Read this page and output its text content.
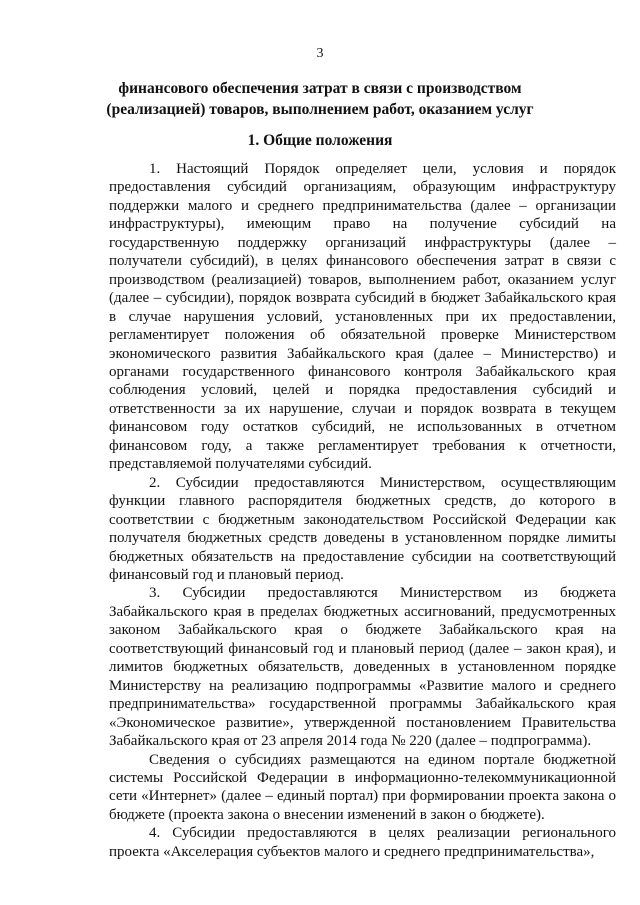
3
финансового обеспечения затрат в связи с производством (реализацией) товаров, выполнением работ, оказанием услуг
1. Общие положения

1. Настоящий Порядок определяет цели, условия и порядок предоставления субсидий организациям, образующим инфраструктуру поддержки малого и среднего предпринимательства (далее – организации инфраструктуры), имеющим право на получение субсидий на государственную поддержку организаций инфраструктуры (далее – получатели субсидий), в целях финансового обеспечения затрат в связи с производством (реализацией) товаров, выполнением работ, оказанием услуг (далее – субсидии), порядок возврата субсидий в бюджет Забайкальского края в случае нарушения условий, установленных при их предоставлении, регламентирует положения об обязательной проверке Министерством экономического развития Забайкальского края (далее – Министерство) и органами государственного финансового контроля Забайкальского края соблюдения условий, целей и порядка предоставления субсидий и ответственности за их нарушение, случаи и порядок возврата в текущем финансовом году остатков субсидий, не использованных в отчетном финансовом году, а также регламентирует требования к отчетности, представляемой получателями субсидий.

2. Субсидии предоставляются Министерством, осуществляющим функции главного распорядителя бюджетных средств, до которого в соответствии с бюджетным законодательством Российской Федерации как получателя бюджетных средств доведены в установленном порядке лимиты бюджетных обязательств на предоставление субсидии на соответствующий финансовый год и плановый период.

3. Субсидии предоставляются Министерством из бюджета Забайкальского края в пределах бюджетных ассигнований, предусмотренных законом Забайкальского края о бюджете Забайкальского края на соответствующий финансовый год и плановый период (далее – закон края), и лимитов бюджетных обязательств, доведенных в установленном порядке Министерству на реализацию подпрограммы «Развитие малого и среднего предпринимательства» государственной программы Забайкальского края «Экономическое развитие», утвержденной постановлением Правительства Забайкальского края от 23 апреля 2014 года № 220 (далее – подпрограмма).

Сведения о субсидиях размещаются на едином портале бюджетной системы Российской Федерации в информационно-телекоммуникационной сети «Интернет» (далее – единый портал) при формировании проекта закона о бюджете (проекта закона о внесении изменений в закон о бюджете).

4. Субсидии предоставляются в целях реализации регионального проекта «Акселерация субъектов малого и среднего предпринимательства»,
